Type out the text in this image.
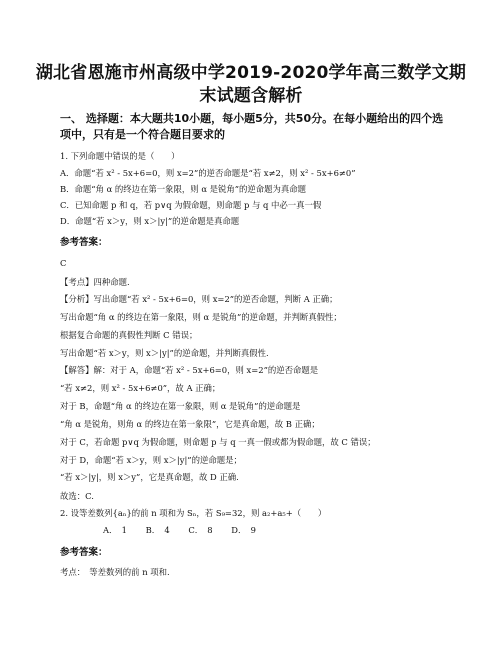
湖北省恩施市州高级中学2019-2020学年高三数学文期
末试题含解析
一、 选择题：本大题共10小题，每小题5分，共50分。在每小题给出的四个选
项中，只有是一个符合题目要求的
1. 下列命题中错误的是（　　）
A．命题“若 x² - 5x+6=0，则 x=2”的逆否命题是“若 x≠2，则 x² - 5x+6≠0”
B．命题“角 α 的终边在第一象限，则 α 是锐角”的逆命题为真命题
C．已知命题 p 和 q，若 p∨q 为假命题，则命题 p 与 q 中必一真一假
D．命题“若 x＞y，则 x＞|y|”的逆命题是真命题
参考答案：
C
【考点】四种命题.
【分析】写出命题“若 x² - 5x+6=0，则 x=2”的逆否命题，判断 A 正确；
写出命题“角 α 的终边在第一象限，则 α 是锐角”的逆命题，并判断真假性；
根据复合命题的真假性判断 C 错误；
写出命题“若 x＞y，则 x＞|y|”的逆命题，并判断真假性.
【解答】解：对于 A，命题“若 x² - 5x+6=0，则 x=2”的逆否命题是
“若 x≠2，则 x² - 5x+6≠0”，故 A 正确；
对于 B，命题“角 α 的终边在第一象限，则 α 是锐角”的逆命题是
“角 α 是锐角，则角 α 的终边在第一象限”，它是真命题，故 B 正确；
对于 C，若命题 p∨q 为假命题，则命题 p 与 q 一真一假或都为假命题，故 C 错误；
对于 D，命题“若 x＞y，则 x＞|y|”的逆命题是；
“若 x＞|y|，则 x＞y”，它是真命题，故 D 正确.
故选：C.
2. 设等差数列{aₙ}的前 n 项和为 Sₙ，若 S₉=32，则 a₂+a₅+（　　）
A．　1 B．　4 C．　8 D．　9
参考答案：
考点：　等差数列的前 n 项和.
